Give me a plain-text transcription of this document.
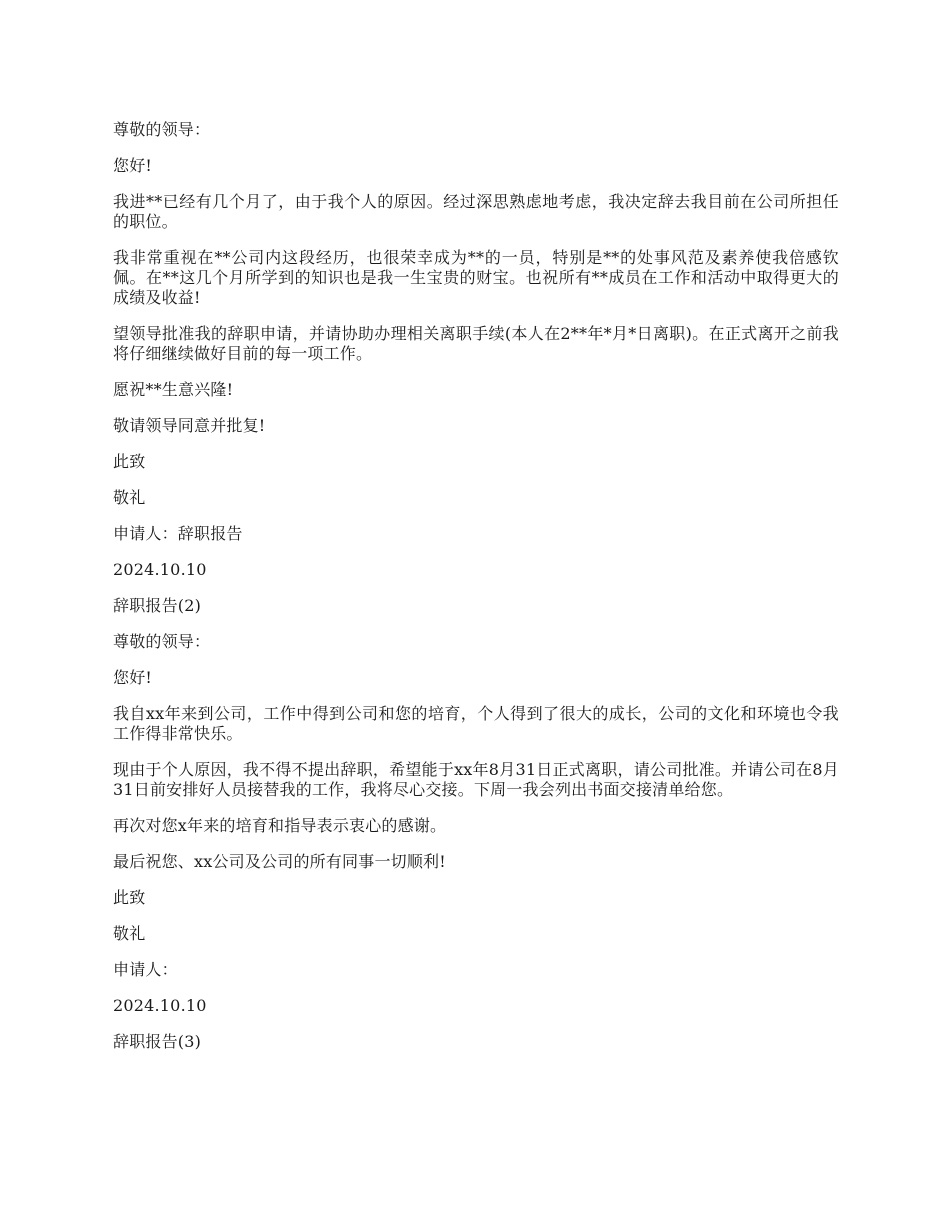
尊敬的领导：

您好!

我进**已经有几个月了，由于我个人的原因。经过深思熟虑地考虑，我决定辞去我目前在公司所担任的职位。

我非常重视在**公司内这段经历，也很荣幸成为**的一员，特别是**的处事风范及素养使我倍感钦佩。在**这几个月所学到的知识也是我一生宝贵的财宝。也祝所有**成员在工作和活动中取得更大的成绩及收益!

望领导批准我的辞职申请，并请协助办理相关离职手续(本人在2**年*月*日离职)。在正式离开之前我将仔细继续做好目前的每一项工作。

愿祝**生意兴隆!

敬请领导同意并批复!

此致

敬礼

申请人：辞职报告

2024.10.10

辞职报告(2)

尊敬的领导：

您好!

我自xx年来到公司，工作中得到公司和您的培育，个人得到了很大的成长，公司的文化和环境也令我工作得非常快乐。

现由于个人原因，我不得不提出辞职，希望能于xx年8月31日正式离职，请公司批准。并请公司在8月31日前安排好人员接替我的工作，我将尽心交接。下周一我会列出书面交接清单给您。

再次对您x年来的培育和指导表示衷心的感谢。

最后祝您、xx公司及公司的所有同事一切顺利!

此致

敬礼

申请人：

2024.10.10

辞职报告(3)
